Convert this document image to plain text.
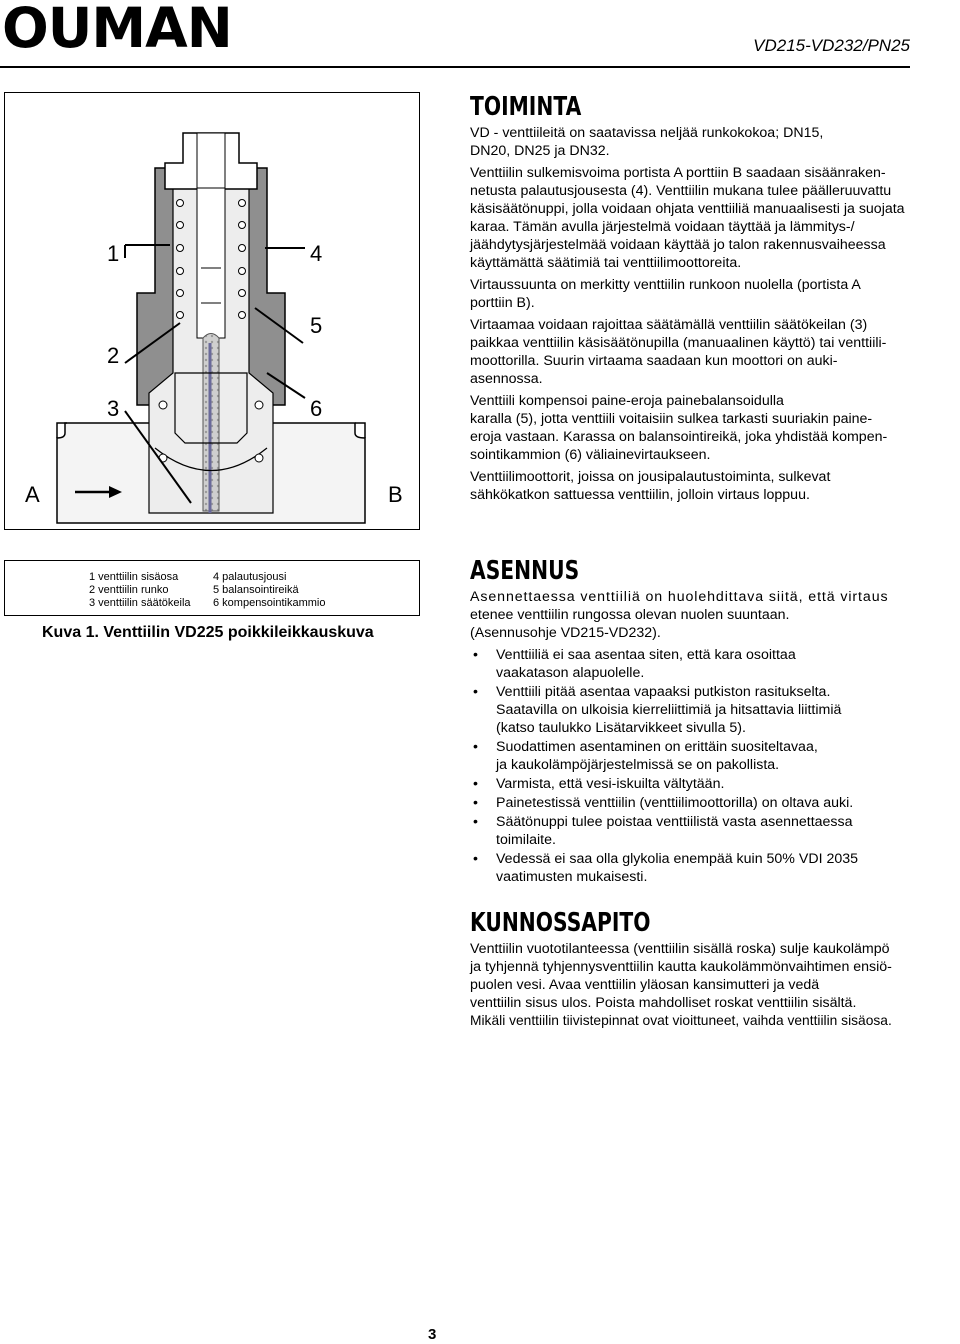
OUMAN	VD215-VD232/PN25
1
2
3
4
5
6
A	B
1 venttiilin sisäosa
2 venttiilin runko
3 venttiilin säätökeila
4 palautusjousi
5 balansointireikä
6 kompensointikammio
Kuva 1. Venttiilin VD225 poikkileikkauskuva
TOIMINTA
VD - venttiileitä on saatavissa neljää runkokokoa; DN15,
DN20, DN25 ja DN32.
Venttiilin sulkemisvoima portista A porttiin B saadaan sisäänraken-
netusta palautusjousesta (4). Venttiilin mukana tulee päälleruuvattu
käsisäätönuppi, jolla voidaan ohjata venttiiliä manuaalisesti ja suojata
karaa. Tämän avulla järjestelmä voidaan täyttää ja lämmitys-/
jäähdytysjärjestelmää voidaan käyttää jo talon rakennusvaiheessa
käyttämättä säätimiä tai venttiilimoottoreita.
Virtaussuunta on merkitty venttiilin runkoon nuolella (portista A
porttiin B).
Virtaamaa voidaan rajoittaa säätämällä venttiilin säätökeilan (3)
paikkaa venttiilin käsisäätönupilla (manuaalinen käyttö) tai venttiili-
moottorilla. Suurin virtaama saadaan kun moottori on auki-
asennossa.
Venttiili kompensoi paine-eroja painebalansoidulla
karalla (5), jotta venttiili voitaisiin sulkea tarkasti suuriakin paine-
eroja vastaan. Karassa on balansointireikä, joka yhdistää kompen-
sointikammion (6) väliainevirtaukseen.
Venttiilimoottorit, joissa on jousipalautustoiminta, sulkevat
sähkökatkon sattuessa venttiilin, jolloin virtaus loppuu.
ASENNUS
Asennettaessa venttiiliä on huolehdittava siitä, että virtaus
etenee venttiilin rungossa olevan nuolen suuntaan.
(Asennusohje VD215-VD232).
• Venttiiliä ei saa asentaa siten, että kara osoittaa
vaakatason alapuolelle.
• Venttiili pitää asentaa vapaaksi putkiston rasitukselta.
Saatavilla on ulkoisia kierreliittimiä ja hitsattavia liittimiä
(katso taulukko Lisätarvikkeet sivulla 5).
• Suodattimen asentaminen on erittäin suositeltavaa,
ja kaukolämpöjärjestelmissä se on pakollista.
• Varmista, että vesi-iskuilta vältytään.
• Painetestissä venttiilin (venttiilimoottorilla) on oltava auki.
• Säätönuppi tulee poistaa venttiilistä vasta asennettaessa
toimilaite.
• Vedessä ei saa olla glykolia enempää kuin 50% VDI 2035
vaatimusten mukaisesti.
KUNNOSSAPITO
Venttiilin vuototilanteessa (venttiilin sisällä roska) sulje kaukolämpö
ja tyhjennä tyhjennysventtiilin kautta kaukolämmönvaihtimen ensiö-
puolen vesi. Avaa venttiilin yläosan kansimutteri ja vedä
venttiilin sisus ulos. Poista mahdolliset roskat venttiilin sisältä.
Mikäli venttiilin tiivistepinnat ovat vioittuneet, vaihda venttiilin sisäosa.
3
